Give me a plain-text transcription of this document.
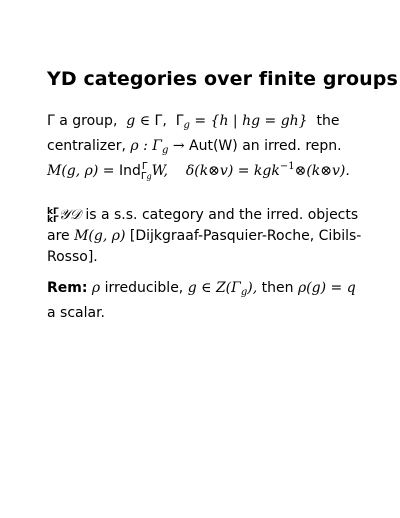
YD categories over finite groups
Γ a group, g ∈ Γ, $\Gamma_g = \{h$ | hg = gh} the
centralizer, ρ : $\Gamma_g \to Aut(W)$ an irred. repn.
M(g, ρ) = Ind Γ
Γg W, δ(k⊗v) = kgk$^{-1}$⊗(k⊗v).
kΓ
kΓ𝒴𝒟 is a s.s. category and the irred. objects
are M(g, ρ) [Dijkgraaf-Pasquier-Roche, Cibils-
Rosso].
Rem: ρ irreducible, g ∈ $Z(\Gamma_g)$, then ρ(g) = q
a scalar.
